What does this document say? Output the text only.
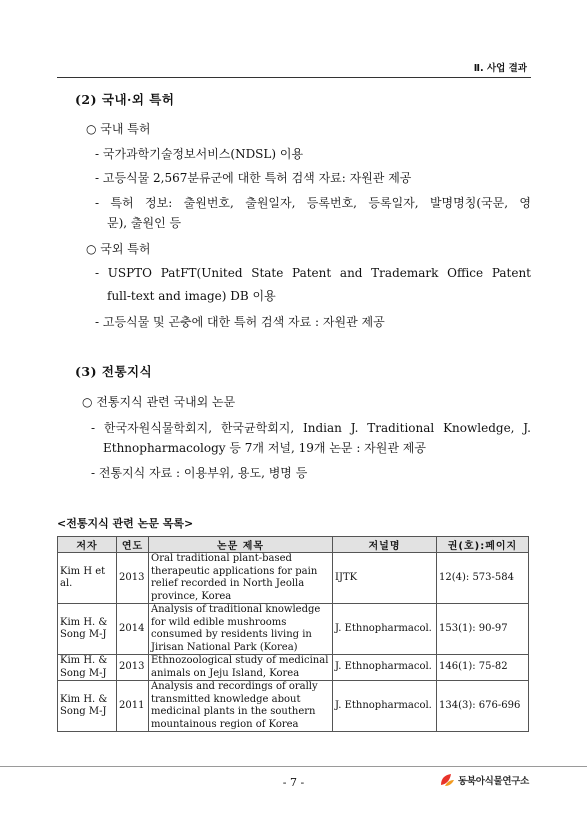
Ⅱ. 사업 결과
(2) 국내·외 특허
○ 국내 특허
- 국가과학기술정보서비스(NDSL) 이용
- 고등식물 2,567분류군에 대한 특허 검색 자료: 자원관 제공
- 특허 정보: 출원번호, 출원일자, 등록번호, 등록일자, 발명명칭(국문, 영
문), 출원인 등
○ 국외 특허
- USPTO PatFT(United State Patent and Trademark Office Patent
full-text and image) DB 이용
- 고등식물 및 곤충에 대한 특허 검색 자료 : 자원관 제공
(3) 전통지식
○ 전통지식 관련 국내외 논문
- 한국자원식물학회지, 한국균학회지, Indian J. Traditional Knowledge, J.
Ethnopharmacology 등 7개 저널, 19개 논문 : 자원관 제공
- 전통지식 자료 : 이용부위, 용도, 병명 등
<전통지식 관련 논문 목록>
저자	연도	논문 제목	저널명	권(호):페이지
Kim H et al.	2013	Oral traditional plant-based therapeutic applications for pain relief recorded in North Jeolla province, Korea	IJTK	12(4): 573-584
Kim H. & Song M-J	2014	Analysis of traditional knowledge for wild edible mushrooms consumed by residents living in Jirisan National Park (Korea)	J. Ethnopharmacol.	153(1): 90-97
Kim H. & Song M-J	2013	Ethnozoological study of medicinal animals on Jeju Island, Korea	J. Ethnopharmacol.	146(1): 75-82
Kim H. & Song M-J	2011	Analysis and recordings of orally transmitted knowledge about medicinal plants in the southern mountainous region of Korea	J. Ethnopharmacol.	134(3): 676-696
- 7 -	동북아식물연구소
